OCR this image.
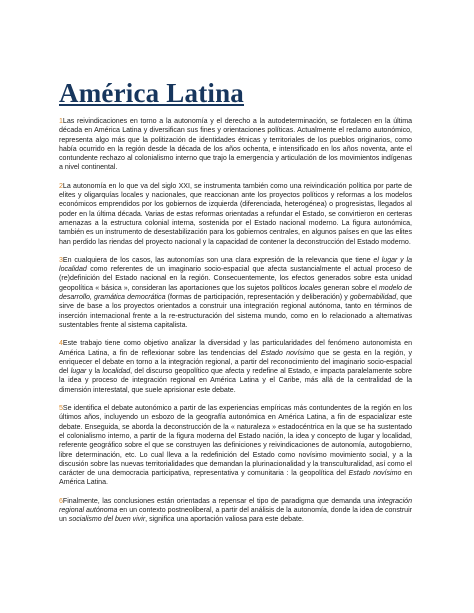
América Latina

1Las reivindicaciones en torno a la autonomía y el derecho a la autodeterminación, se fortalecen en la última década en América Latina y diversifican sus fines y orientaciones políticas. Actualmente el reclamo autonómico, representa algo más que la politización de identidades étnicas y territoriales de los pueblos originarios, como había ocurrido en la región desde la década de los años ochenta, e intensificado en los años noventa, ante el contundente rechazo al colonialismo interno que trajo la emergencia y articulación de los movimientos indígenas a nivel continental.

2La autonomía en lo que va del siglo XXI, se instrumenta también como una reivindicación política por parte de elites y oligarquías locales y nacionales, que reaccionan ante los proyectos políticos y reformas a los modelos económicos emprendidos por los gobiernos de izquierda (diferenciada, heterogénea) o progresistas, llegados al poder en la última década. Varias de estas reformas orientadas a refundar el Estado, se convirtieron en certeras amenazas a la estructura colonial interna, sostenida por el Estado nacional moderno. La figura autonómica, también es un instrumento de desestabilización para los gobiernos centrales, en algunos países en que las elites han perdido las riendas del proyecto nacional y la capacidad de contener la deconstrucción del Estado moderno.

3En cualquiera de los casos, las autonomías son una clara expresión de la relevancia que tiene el lugar y la localidad como referentes de un imaginario socio-espacial que afecta sustancialmente el actual proceso de (re)definición del Estado nacional en la región. Consecuentemente, los efectos generados sobre esta unidad geopolítica « básica », consideran las aportaciones que los sujetos políticos locales generan sobre el modelo de desarrollo, gramática democrática (formas de participación, representación y deliberación) y gobernabilidad, que sirve de base a los proyectos orientados a construir una integración regional autónoma, tanto en términos de inserción internacional frente a la re-estructuración del sistema mundo, como en lo relacionado a alternativas sustentables frente al sistema capitalista.

4Este trabajo tiene como objetivo analizar la diversidad y las particularidades del fenómeno autonomista en América Latina, a fin de reflexionar sobre las tendencias del Estado novísimo que se gesta en la región, y enriquecer el debate en torno a la integración regional, a partir del reconocimiento del imaginario socio-espacial del lugar y la localidad, del discurso geopolítico que afecta y redefine al Estado, e impacta paralelamente sobre la idea y proceso de integración regional en América Latina y el Caribe, más allá de la centralidad de la dimensión interestatal, que suele aprisionar este debate.

5Se identifica el debate autonómico a partir de las experiencias empíricas más contundentes de la región en los últimos años, incluyendo un esbozo de la geografía autonómica en América Latina, a fin de espacializar este debate. Enseguida, se aborda la deconstrucción de la « naturaleza » estadocéntrica en la que se ha sustentado el colonialismo interno, a partir de la figura moderna del Estado nación, la idea y concepto de lugar y localidad, referente geográfico sobre el que se construyen las definiciones y reivindicaciones de autonomía, autogobierno, libre determinación, etc. Lo cual lleva a la redefinición del Estado como novísimo movimiento social, y a la discusión sobre las nuevas territorialidades que demandan la plurinacionalidad y la transculturalidad, así como el carácter de una democracia participativa, representativa y comunitaria : la geopolítica del Estado novísimo en América Latina.

6Finalmente, las conclusiones están orientadas a repensar el tipo de paradigma que demanda una integración regional autónoma en un contexto postneoliberal, a partir del análisis de la autonomía, donde la idea de construir un socialismo del buen vivir, significa una aportación valiosa para este debate.
